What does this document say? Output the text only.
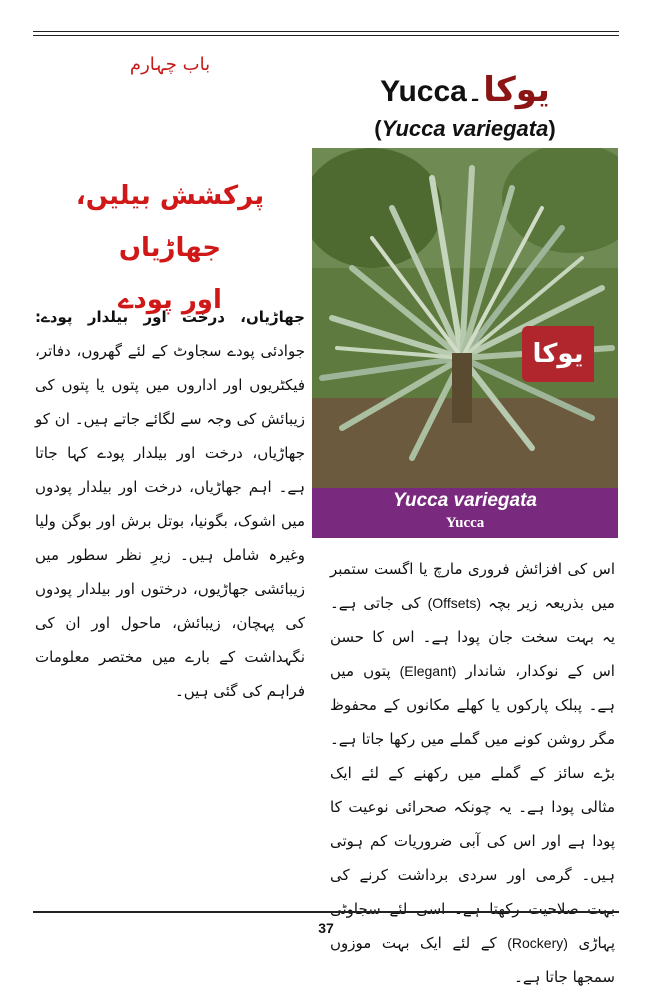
باب چہارم
یوکا۔Yucca
(Yucca variegata)
پرکشش بیلیں، جھاڑیاں
اور پودے
جھاڑیاں، درخت اور بیلدار پودے: جوادئی پودے سجاوٹ کے لئے گھروں، دفاتر، فیکٹریوں اور اداروں میں پتوں یا پتوں کی زیبائش کی وجہ سے لگائے جاتے ہیں۔ ان کو جھاڑیاں، درخت اور بیلدار پودے کہا جاتا ہے۔ اہم جھاڑیاں، درخت اور بیلدار پودوں میں اشوک، بگونیا، بوتل برش اور بوگن ولیا وغیرہ شامل ہیں۔ زیرِ نظر سطور میں زیبائشی جھاڑیوں، درختوں اور بیلدار پودوں کی پہچان، زیبائش، ماحول اور ان کی نگہداشت کے بارے میں مختصر معلومات فراہم کی گئی ہیں۔
یوکا
Yucca variegata
Yucca
اس کی افزائش فروری مارچ یا اگست ستمبر میں بذریعہ زیر بچہ (Offsets) کی جاتی ہے۔ یہ بہت سخت جان پودا ہے۔ اس کا حسن اس کے نوکدار، شاندار (Elegant) پتوں میں ہے۔ پبلک پارکوں یا کھلے مکانوں کے محفوظ مگر روشن کونے میں گملے میں رکھا جاتا ہے۔ بڑے سائز کے گملے میں رکھنے کے لئے ایک مثالی پودا ہے۔ یہ چونکہ صحرائی نوعیت کا پودا ہے اور اس کی آبی ضروریات کم ہوتی ہیں۔ گرمی اور سردی برداشت کرنے کی بہت صلاحیت رکھتا ہے۔ اسی لئے سجاوٹی پہاڑی (Rockery) کے لئے ایک بہت موزوں سمجھا جاتا ہے۔
37
